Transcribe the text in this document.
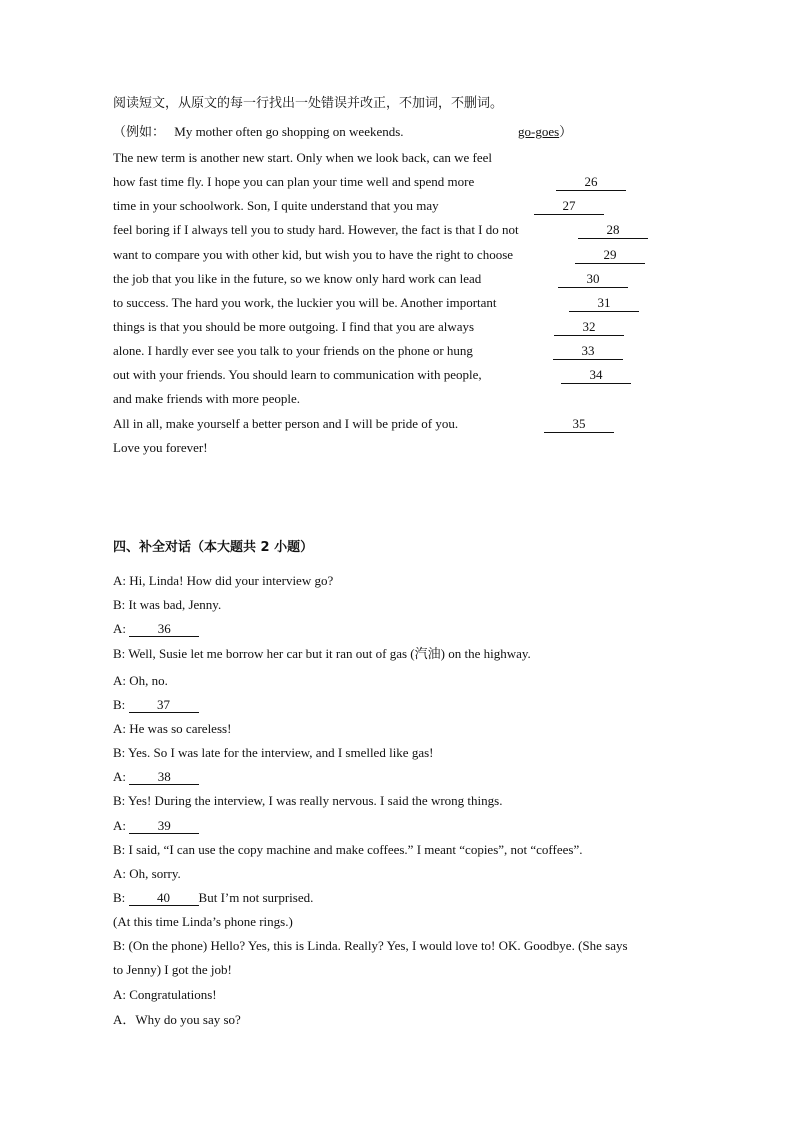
阅读短文，从原文的每一行找出一处错误并改正，不加词，不删词。
（例如： My mother often go shopping on weekends.	go-goes）
The new term is another new start. Only when we look back, can we feel
how fast time fly. I hope you can plan your time well and spend more	26
time in your schoolwork. Son, I quite understand that you may	27
feel boring if I always tell you to study hard. However, the fact is that I do not	28
want to compare you with other kid, but wish you to have the right to choose	29
the job that you like in the future, so we know only hard work can lead	30
to success. The hard you work, the luckier you will be. Another important	31
things is that you should be more outgoing. I find that you are always	32
alone. I hardly ever see you talk to your friends on the phone or hung	33
out with your friends. You should learn to communication with people,	34
and make friends with more people.
All in all, make yourself a better person and I will be pride of you.	35
Love you forever!
四、补全对话（本大题共 2 小题）
A: Hi, Linda! How did your interview go?
B: It was bad, Jenny.
A: 36
B: Well, Susie let me borrow her car but it ran out of gas (汽油) on the highway.
A: Oh, no.
B: 37
A: He was so careless!
B: Yes. So I was late for the interview, and I smelled like gas!
A: 38
B: Yes! During the interview, I was really nervous. I said the wrong things.
A: 39
B: I said, “I can use the copy machine and make coffees.” I meant “copies”, not “coffees”.
A: Oh, sorry.
B: 40 But I’m not surprised.
(At this time Linda’s phone rings.)
B: (On the phone) Hello? Yes, this is Linda. Really? Yes, I would love to! OK. Goodbye. (She says
to Jenny) I got the job!
A: Congratulations!
A．Why do you say so?
